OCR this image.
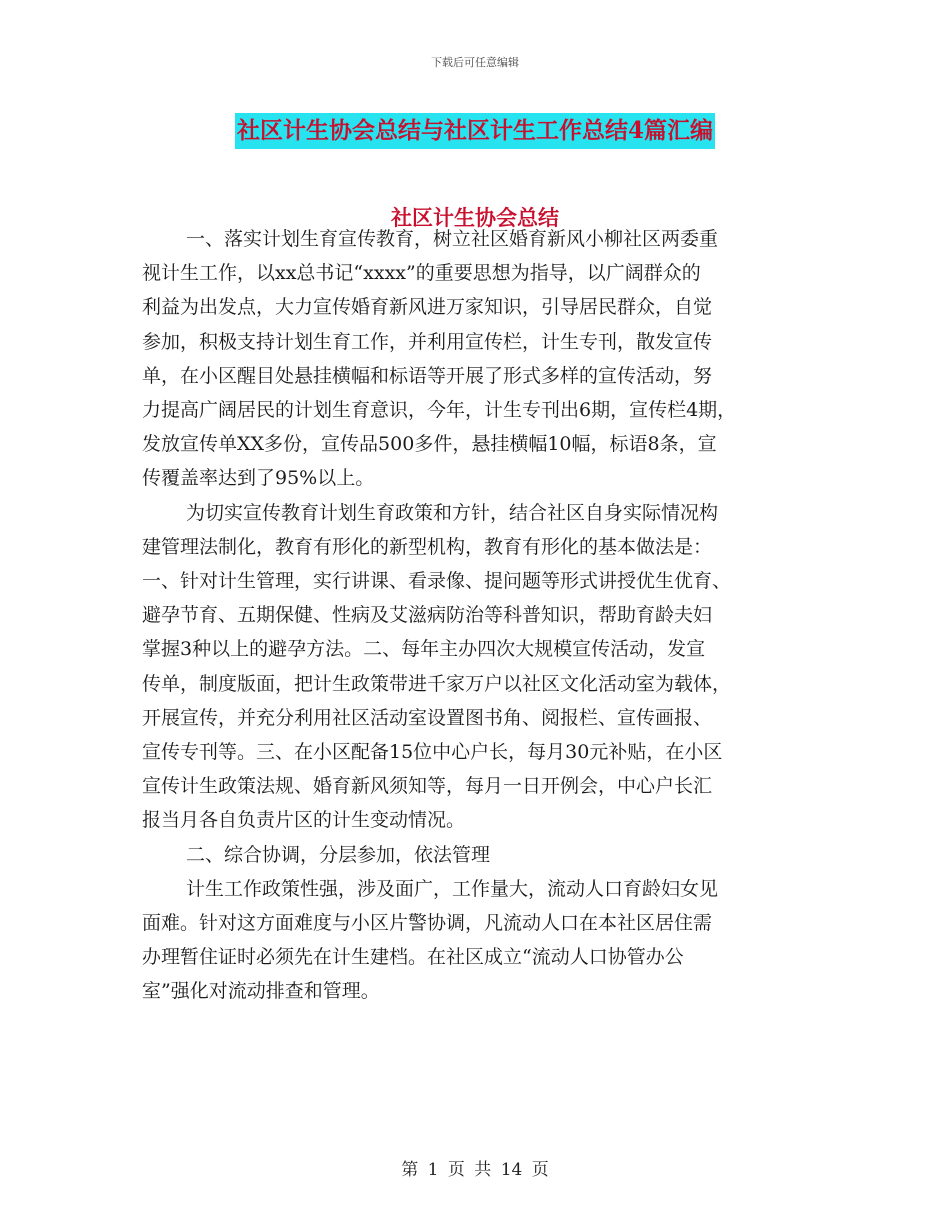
下载后可任意编辑
社区计生协会总结与社区计生工作总结4篇汇编
社区计生协会总结

一、落实计划生育宣传教育，树立社区婚育新风小柳社区两委重

视计生工作，以xx总书记“xxxx”的重要思想为指导，以广阔群众的

利益为出发点，大力宣传婚育新风进万家知识，引导居民群众，自觉

参加，积极支持计划生育工作，并利用宣传栏，计生专刊，散发宣传

单，在小区醒目处悬挂横幅和标语等开展了形式多样的宣传活动，努

力提高广阔居民的计划生育意识，今年，计生专刊出6期，宣传栏4期，

发放宣传单XX多份，宣传品500多件，悬挂横幅10幅，标语8条，宣

传覆盖率达到了95%以上。

为切实宣传教育计划生育政策和方针，结合社区自身实际情况构

建管理法制化，教育有形化的新型机构，教育有形化的基本做法是：

一、针对计生管理，实行讲课、看录像、提问题等形式讲授优生优育、

避孕节育、五期保健、性病及艾滋病防治等科普知识，帮助育龄夫妇

掌握3种以上的避孕方法。二、每年主办四次大规模宣传活动，发宣

传单，制度版面，把计生政策带进千家万户以社区文化活动室为载体，

开展宣传，并充分利用社区活动室设置图书角、阅报栏、宣传画报、

宣传专刊等。三、在小区配备15位中心户长，每月30元补贴，在小区

宣传计生政策法规、婚育新风须知等，每月一日开例会，中心户长汇

报当月各自负责片区的计生变动情况。

二、综合协调，分层参加，依法管理

计生工作政策性强，涉及面广，工作量大，流动人口育龄妇女见

面难。针对这方面难度与小区片警协调，凡流动人口在本社区居住需

办理暂住证时必须先在计生建档。在社区成立“流动人口协管办公

室”强化对流动排查和管理。

第 1 页 共 14 页
